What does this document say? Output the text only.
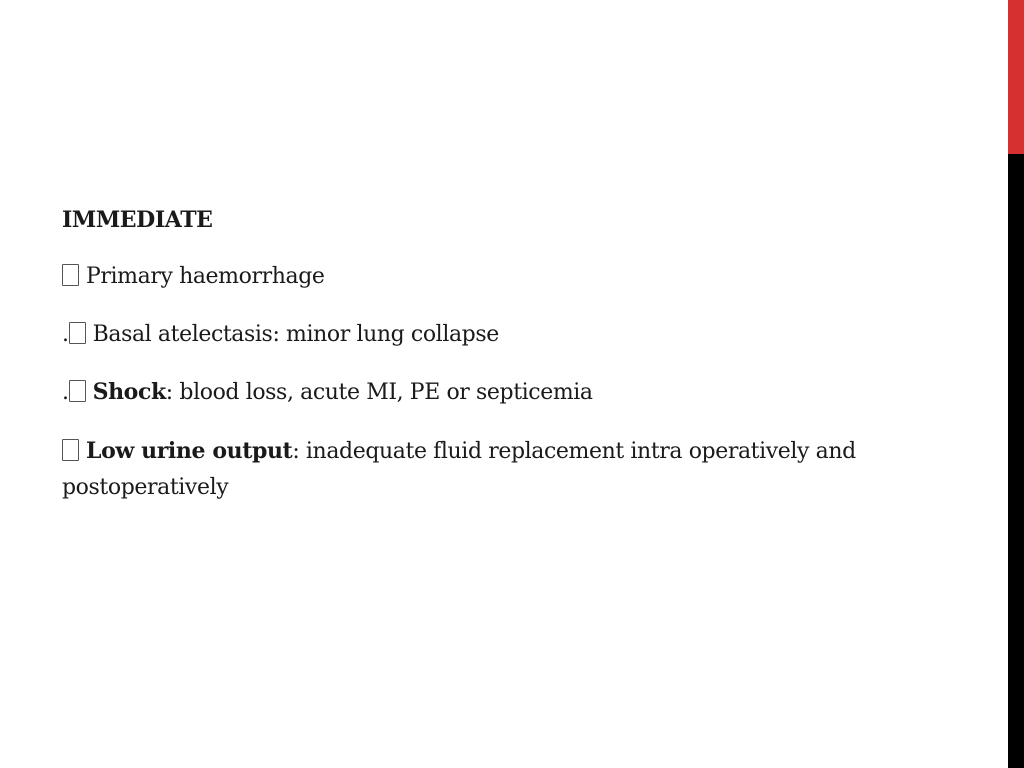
IMMEDIATE
Primary haemorrhage
. Basal atelectasis: minor lung collapse
. Shock: blood loss, acute MI, PE or septicemia
Low urine output: inadequate fluid replacement intra operatively and postoperatively
